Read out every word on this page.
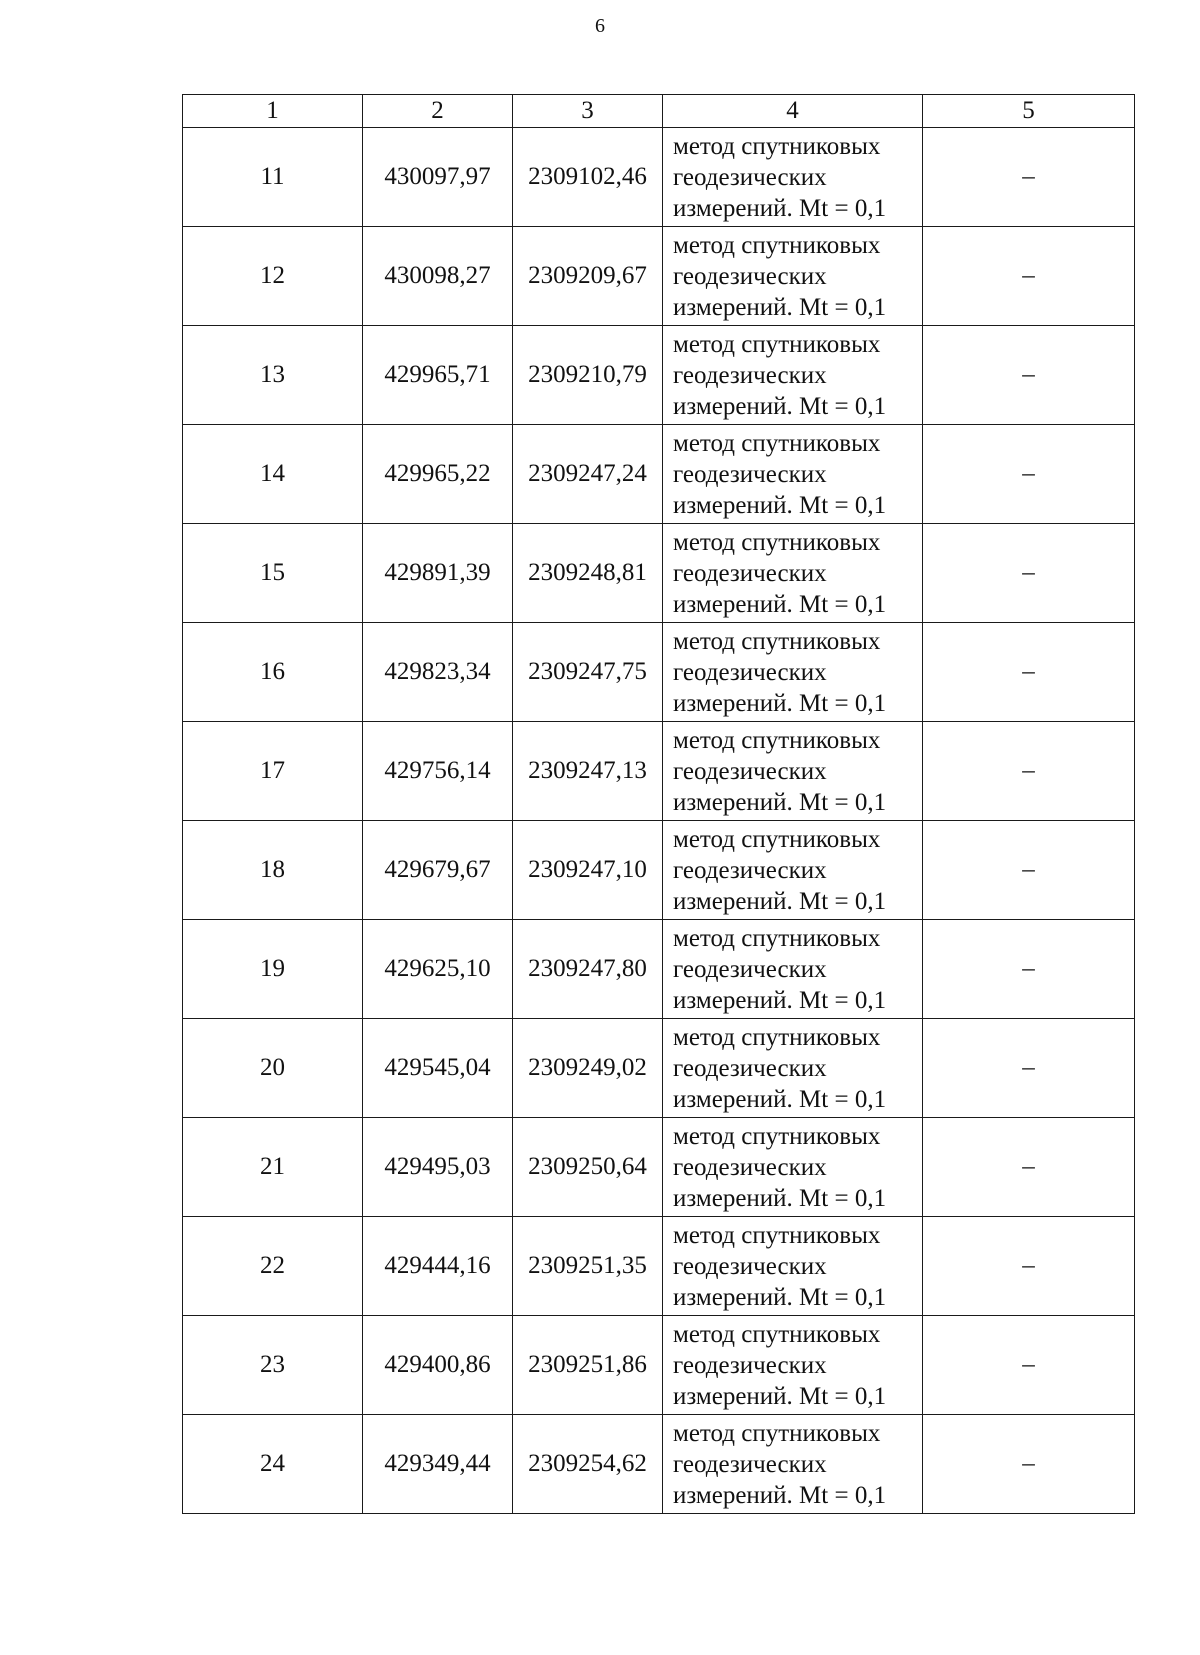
6
1	2	3	4	5
11	430097,97	2309102,46	метод спутниковых
геодезических
измерений. Mt = 0,1	–
12	430098,27	2309209,67	метод спутниковых
геодезических
измерений. Mt = 0,1	–
13	429965,71	2309210,79	метод спутниковых
геодезических
измерений. Mt = 0,1	–
14	429965,22	2309247,24	метод спутниковых
геодезических
измерений. Mt = 0,1	–
15	429891,39	2309248,81	метод спутниковых
геодезических
измерений. Mt = 0,1	–
16	429823,34	2309247,75	метод спутниковых
геодезических
измерений. Mt = 0,1	–
17	429756,14	2309247,13	метод спутниковых
геодезических
измерений. Mt = 0,1	–
18	429679,67	2309247,10	метод спутниковых
геодезических
измерений. Mt = 0,1	–
19	429625,10	2309247,80	метод спутниковых
геодезических
измерений. Mt = 0,1	–
20	429545,04	2309249,02	метод спутниковых
геодезических
измерений. Mt = 0,1	–
21	429495,03	2309250,64	метод спутниковых
геодезических
измерений. Mt = 0,1	–
22	429444,16	2309251,35	метод спутниковых
геодезических
измерений. Mt = 0,1	–
23	429400,86	2309251,86	метод спутниковых
геодезических
измерений. Mt = 0,1	–
24	429349,44	2309254,62	метод спутниковых
геодезических
измерений. Mt = 0,1	–
